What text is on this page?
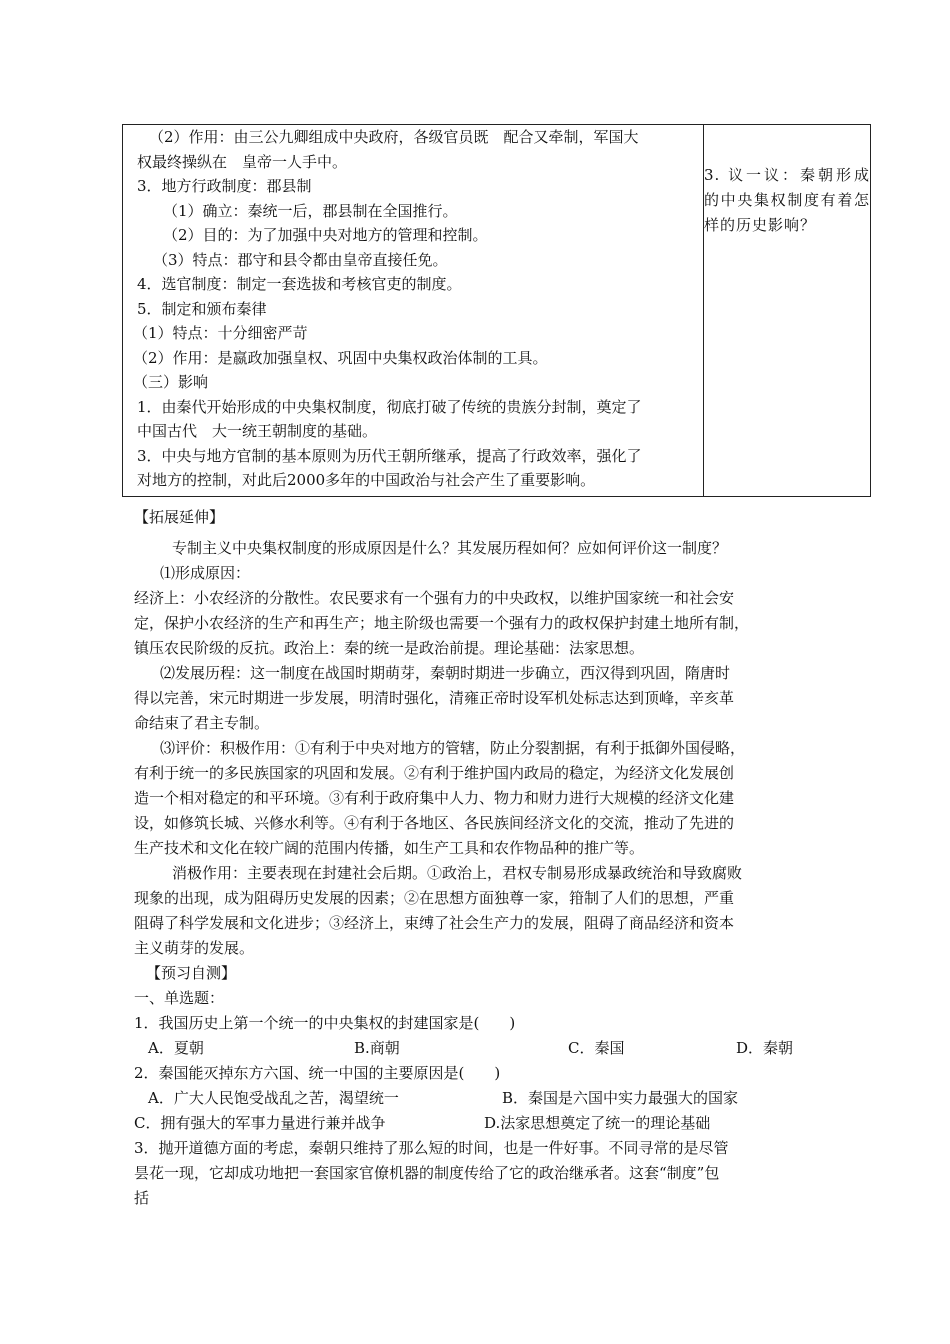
（2）作用：由三公九卿组成中央政府，各级官员既　配合又牵制，军国大
权最终操纵在　皇帝一人手中。
3．地方行政制度：郡县制
（1）确立：秦统一后，郡县制在全国推行。
（2）目的：为了加强中央对地方的管理和控制。
（3）特点：郡守和县令都由皇帝直接任免。
4．选官制度：制定一套选拔和考核官吏的制度。
5．制定和颁布秦律
（1）特点：十分细密严苛
（2）作用：是嬴政加强皇权、巩固中央集权政治体制的工具。
（三）影响
1．由秦代开始形成的中央集权制度，彻底打破了传统的贵族分封制，奠定了
中国古代　大一统王朝制度的基础。
3．中央与地方官制的基本原则为历代王朝所继承，提高了行政效率，强化了
对地方的控制，对此后2000多年的中国政治与社会产生了重要影响。

3. 议一议：秦朝形成的中央集权制度有着怎样的历史影响？
【拓展延伸】
专制主义中央集权制度的形成原因是什么？其发展历程如何？应如何评价这一制度？
⑴形成原因：
经济上：小农经济的分散性。农民要求有一个强有力的中央政权，以维护国家统一和社会安
定，保护小农经济的生产和再生产；地主阶级也需要一个强有力的政权保护封建土地所有制，
镇压农民阶级的反抗。政治上：秦的统一是政治前提。理论基础：法家思想。
⑵发展历程：这一制度在战国时期萌芽，秦朝时期进一步确立，西汉得到巩固，隋唐时
得以完善，宋元时期进一步发展，明清时强化，清雍正帝时设军机处标志达到顶峰，辛亥革
命结束了君主专制。
⑶评价：积极作用：①有利于中央对地方的管辖，防止分裂割据，有利于抵御外国侵略，
有利于统一的多民族国家的巩固和发展。②有利于维护国内政局的稳定，为经济文化发展创
造一个相对稳定的和平环境。③有利于政府集中人力、物力和财力进行大规模的经济文化建
设，如修筑长城、兴修水利等。④有利于各地区、各民族间经济文化的交流，推动了先进的
生产技术和文化在较广阔的范围内传播，如生产工具和农作物品种的推广等。
消极作用：主要表现在封建社会后期。①政治上，君权专制易形成暴政统治和导致腐败
现象的出现，成为阻碍历史发展的因素；②在思想方面独尊一家，箝制了人们的思想，严重
阻碍了科学发展和文化进步；③经济上，束缚了社会生产力的发展，阻碍了商品经济和资本
主义萌芽的发展。
【预习自测】
一、单选题：
1．我国历史上第一个统一的中央集权的封建国家是(　　)
A．夏朝	B.商朝	C．秦国	D．秦朝
2．秦国能灭掉东方六国、统一中国的主要原因是(　　)
A．广大人民饱受战乱之苦，渴望统一	B．秦国是六国中实力最强大的国家
C．拥有强大的军事力量进行兼并战争	D.法家思想奠定了统一的理论基础
3．抛开道德方面的考虑，秦朝只维持了那么短的时间，也是一件好事。不同寻常的是尽管
昙花一现，它却成功地把一套国家官僚机器的制度传给了它的政治继承者。这套“制度”包
括
